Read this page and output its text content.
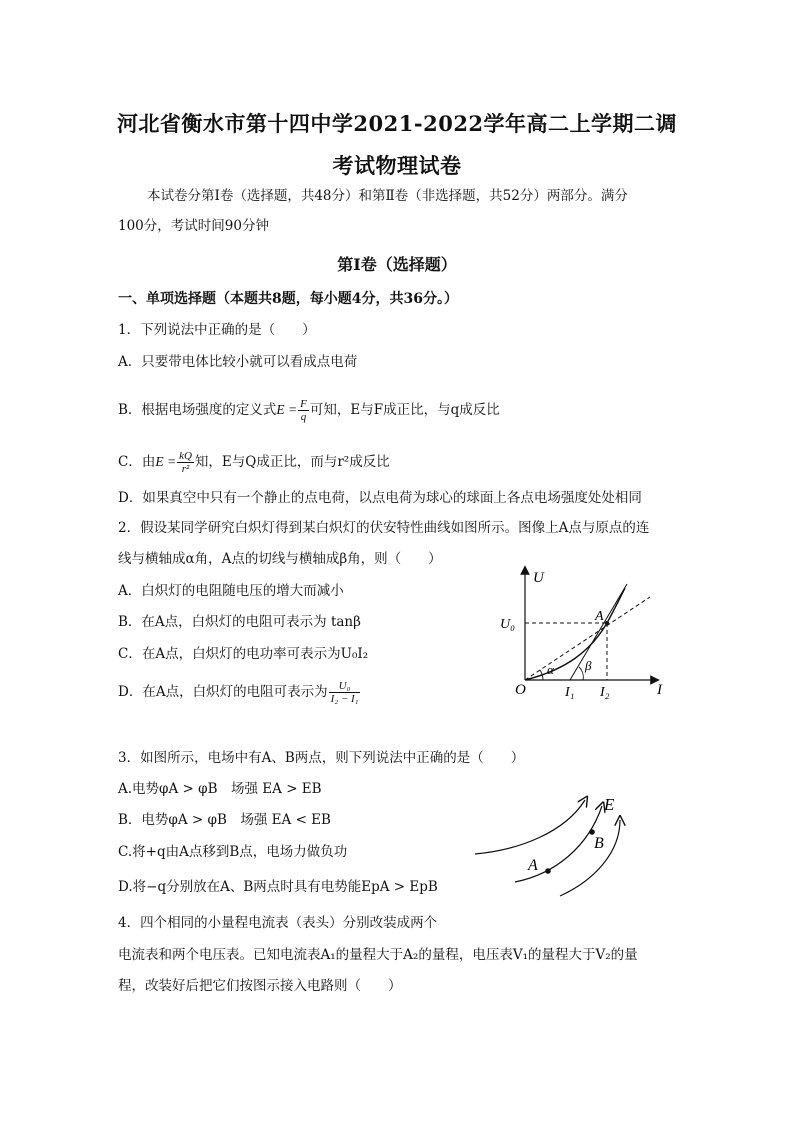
河北省衡水市第十四中学2021-2022学年高二上学期二调
考试物理试卷
本试卷分第Ⅰ卷（选择题，共48分）和第Ⅱ卷（非选择题，共52分）两部分。满分
100分，考试时间90分钟
第Ⅰ卷（选择题）
一、单项选择题（本题共8题，每小题4分，共36分。）
1．下列说法中正确的是（　　）
A．只要带电体比较小就可以看成点电荷
B．根据电场强度的定义式$E = \frac{F}{q}$ 可知，E与F成正比，与q成反比
C．由$E = \frac{kQ}{\text{r²}}$ 知，E与Q成正比，而与r²成反比
D．如果真空中只有一个静止的点电荷，以点电荷为球心的球面上各点电场强度处处相同
2．假设某同学研究白炽灯得到某白炽灯的伏安特性曲线如图所示。图像上A点与原点的连
线与横轴成α角，A点的切线与横轴成β角，则（　　）
A．白炽灯的电阻随电压的增大而减小
B．在A点，白炽灯的电阻可表示为 tanβ
C．在A点，白炽灯的电功率可表示为U₀I₂
D．在A点，白炽灯的电阻可表示为 $\frac{\text{U₀}}{\text{I₂ − I₁}}$
U
I
O
U₀
A
α β
I₁ I₂
3．如图所示，电场中有A、B两点，则下列说法中正确的是（　　）
A.电势φA > φB　场强 EA > EB
B．电势φA > φB　场强 EA < EB
C.将+q由A点移到B点，电场力做负功
D.将−q分别放在A、B两点时具有电势能EpA > EpB
E
A
B
4．四个相同的小量程电流表（表头）分别改装成两个
电流表和两个电压表。已知电流表A₁的量程大于A₂的量程，电压表V₁的量程大于V₂的量
程，改装好后把它们按图示接入电路则（　　）
